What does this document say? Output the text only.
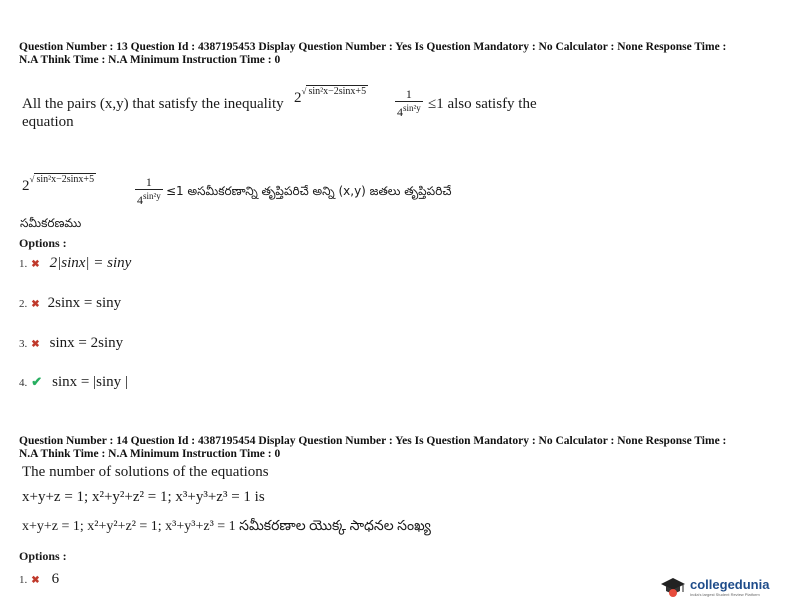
Question Number : 13 Question Id : 4387195453 Display Question Number : Yes Is Question Mandatory : No Calculator : None Response Time :
N.A Think Time : N.A Minimum Instruction Time : 0
All the pairs (x,y) that satisfy the inequality 2√ $\sin^2x-2\sin x+5 \frac{1}{4^{sin^2y}} \le 1$ also satisfy the
equation
2√ sin²x−2sinx+5	$\frac{1}{4^{sin^2y}} \le 1$ అసమీకరణాన్ని తృప్తిపరిచే అన్ని (x,y) జతలు తృప్తిపరిచే
సమీకరణము
Options :
1. ✖ 2|sinx| = siny
2. ✖ 2sinx = siny
3. ✖ sinx = 2siny
4. ✔ sinx = |siny |
Question Number : 14 Question Id : 4387195454 Display Question Number : Yes Is Question Mandatory : No Calculator : None Response Time :
N.A Think Time : N.A Minimum Instruction Time : 0
The number of solutions of the equations
x+y+z = 1; x²+y²+z² = 1; x³+y³+z³ = 1 is
x+y+z = 1; x²+y²+z² = 1; x³+y³+z³ = 1 సమీకరణాల యొక్క సాధనల సంఖ్య
Options :
1. ✖ 6
	collegedunia
India's largest Student Review Platform
